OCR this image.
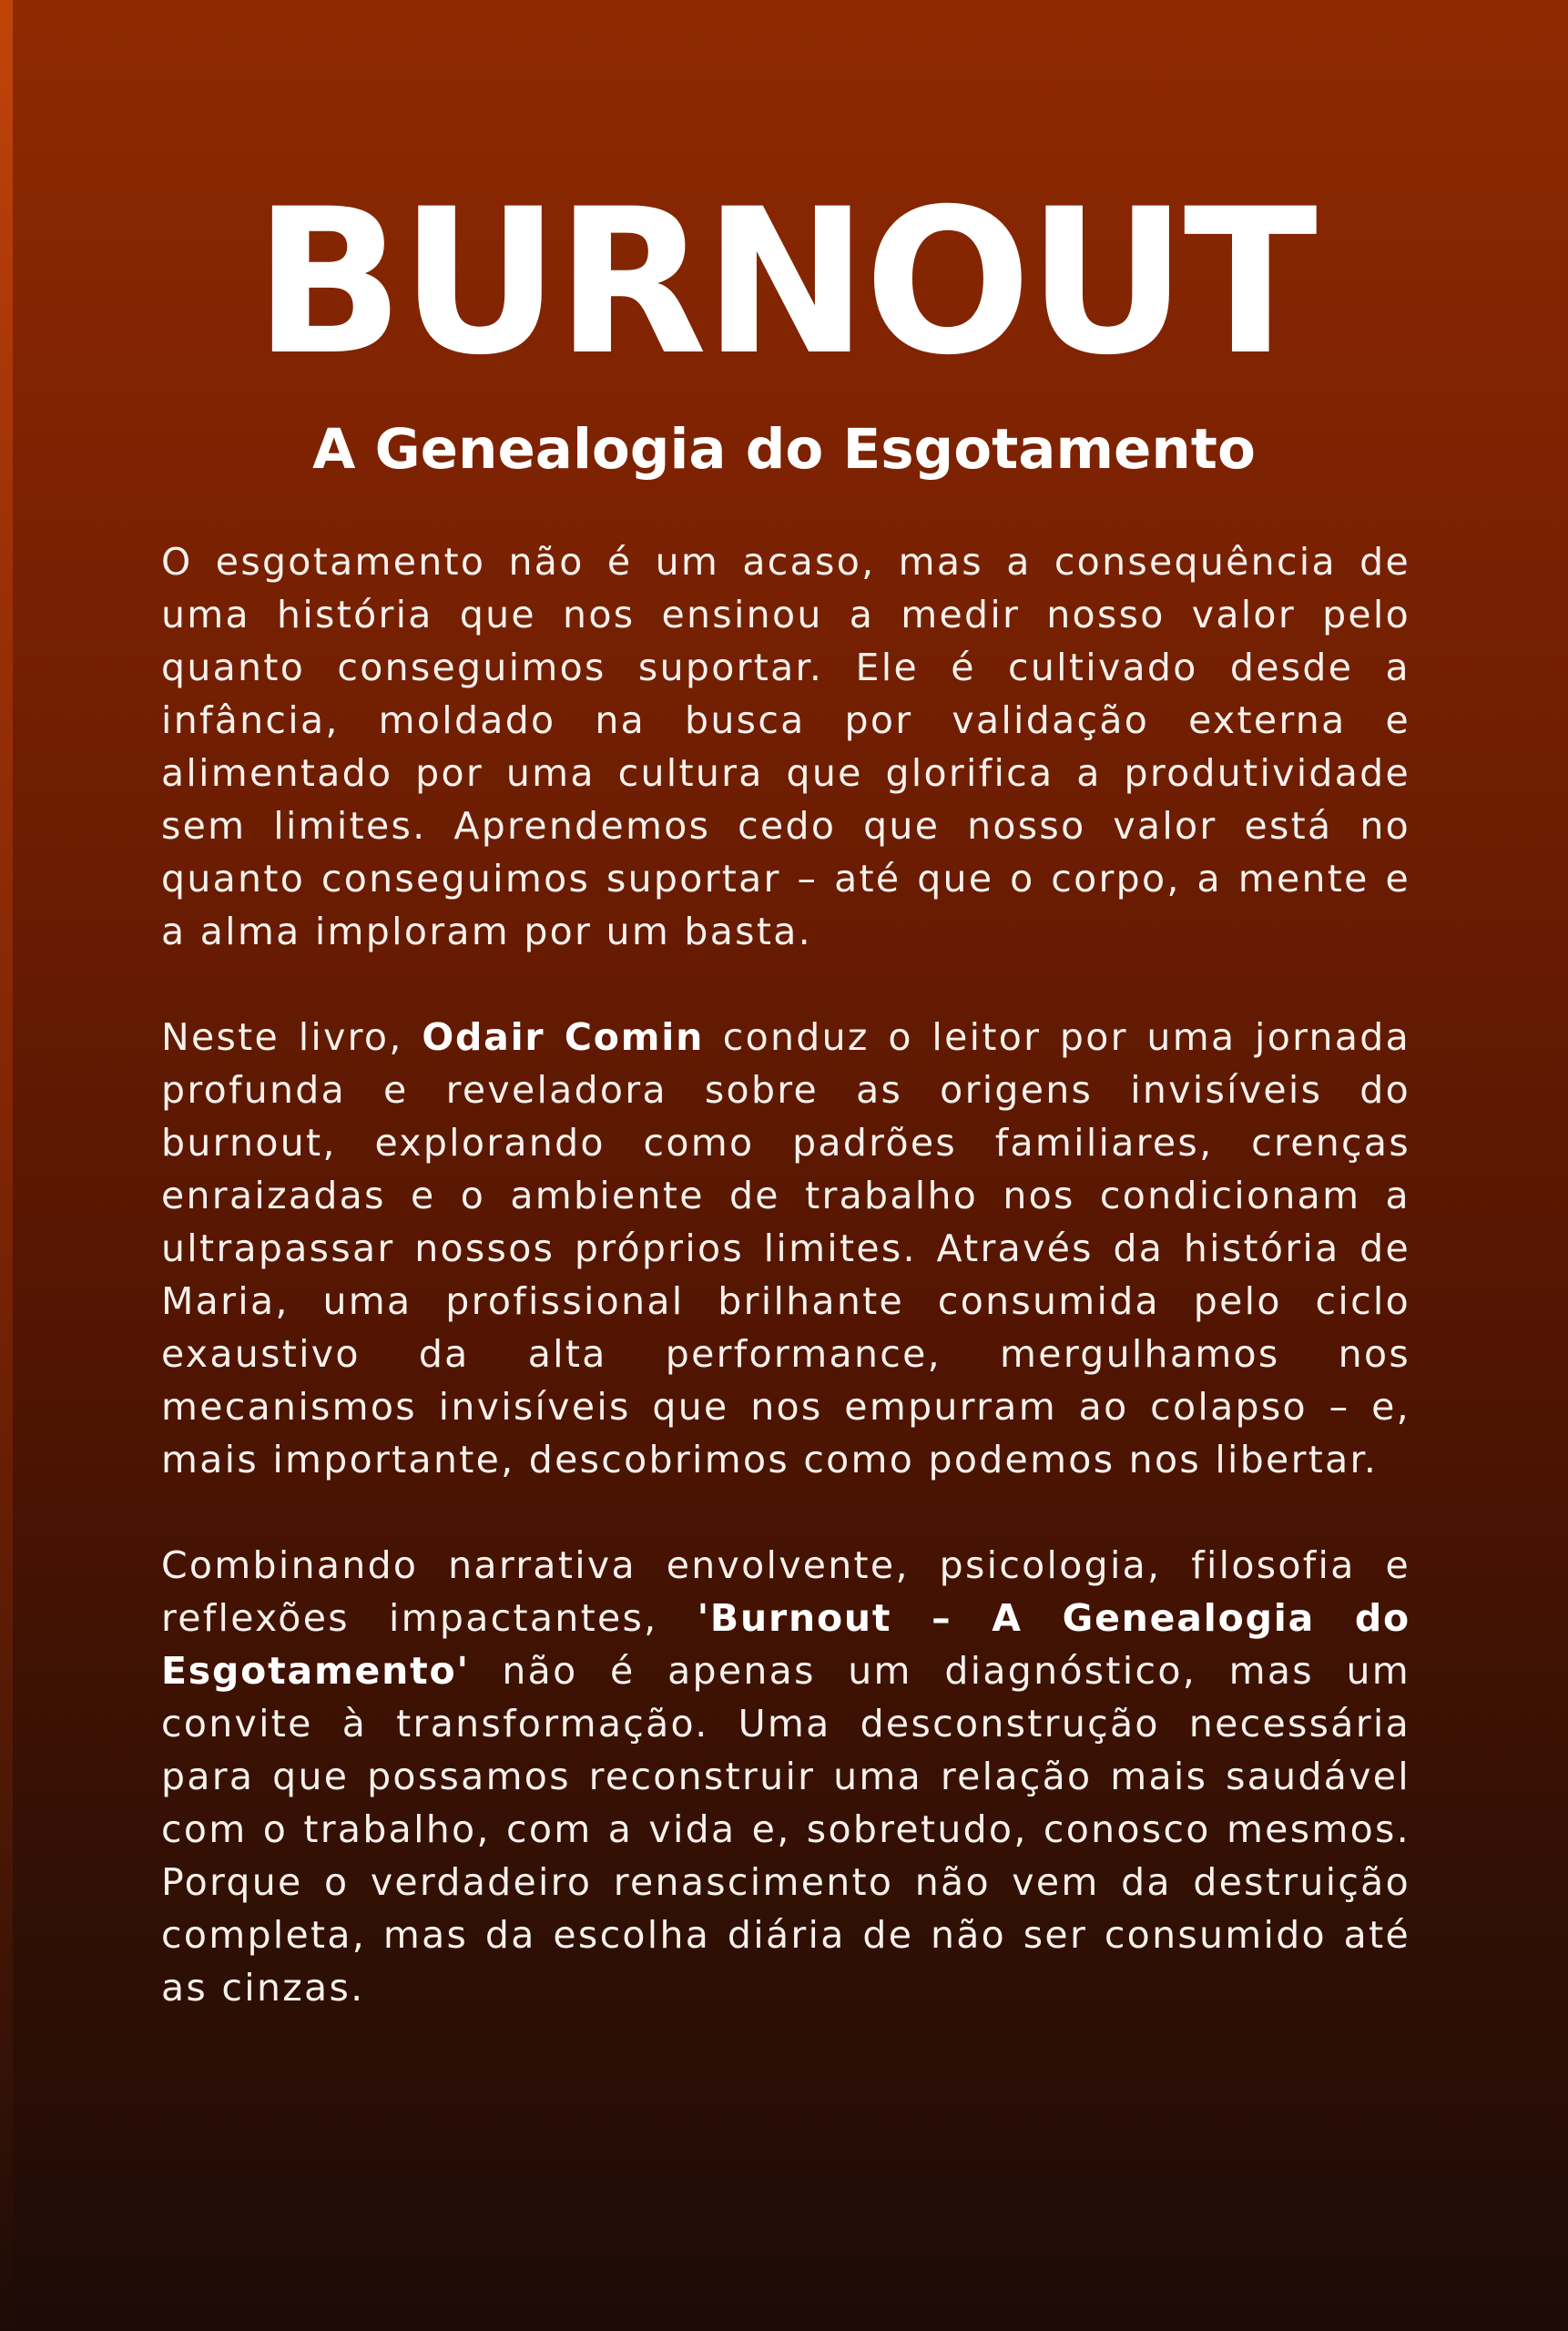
BURNOUT
A Genealogia do Esgotamento

O esgotamento não é um acaso, mas a consequência de uma história que nos ensinou a medir nosso valor pelo quanto conseguimos suportar. Ele é cultivado desde a infância, moldado na busca por validação externa e alimentado por uma cultura que glorifica a produtividade sem limites. Aprendemos cedo que nosso valor está no quanto conseguimos suportar – até que o corpo, a mente e a alma imploram por um basta.

Neste livro, Odair Comin conduz o leitor por uma jornada profunda e reveladora sobre as origens invisíveis do burnout, explorando como padrões familiares, crenças enraizadas e o ambiente de trabalho nos condicionam a ultrapassar nossos próprios limites. Através da história de Maria, uma profissional brilhante consumida pelo ciclo exaustivo da alta performance, mergulhamos nos mecanismos invisíveis que nos empurram ao colapso – e, mais importante, descobrimos como podemos nos libertar.

Combinando narrativa envolvente, psicologia, filosofia e reflexões impactantes, 'Burnout – A Genealogia do Esgotamento' não é apenas um diagnóstico, mas um convite à transformação. Uma desconstrução necessária para que possamos reconstruir uma relação mais saudável com o trabalho, com a vida e, sobretudo, conosco mesmos. Porque o verdadeiro renascimento não vem da destruição completa, mas da escolha diária de não ser consumido até as cinzas.
